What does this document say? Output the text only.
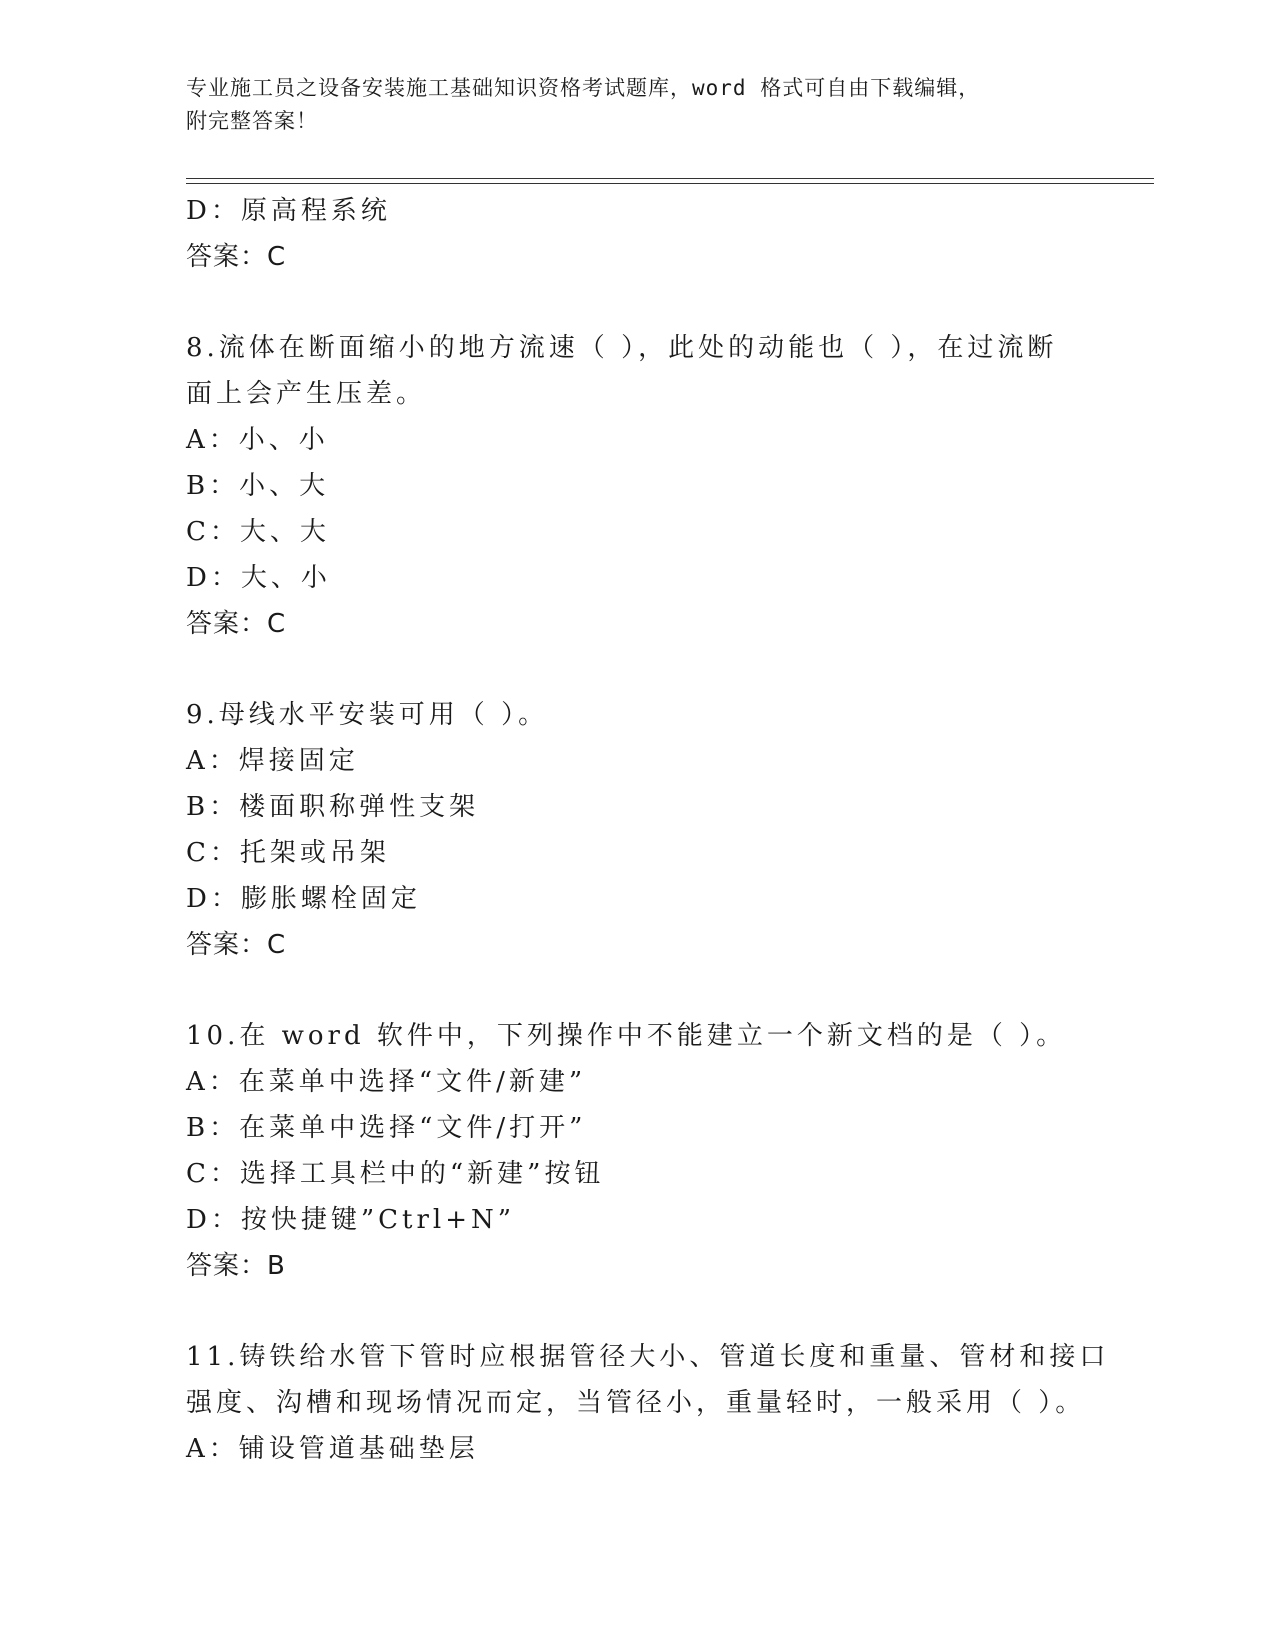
专业施工员之设备安装施工基础知识资格考试题库，word 格式可自由下载编辑，
附完整答案！
D：原高程系统
答案：C
8.流体在断面缩小的地方流速（ ），此处的动能也（ ），在过流断
面上会产生压差。
A：小、小
B：小、大
C：大、大
D：大、小
答案：C
9.母线水平安装可用（ ）。
A：焊接固定
B：楼面职称弹性支架
C：托架或吊架
D：膨胀螺栓固定
答案：C
10.在 word 软件中，下列操作中不能建立一个新文档的是（ ）。
A：在菜单中选择“文件/新建”
B：在菜单中选择“文件/打开”
C：选择工具栏中的“新建”按钮
D：按快捷键”Ctrl+N”
答案：B
11.铸铁给水管下管时应根据管径大小、管道长度和重量、管材和接口
强度、沟槽和现场情况而定，当管径小，重量轻时，一般采用（ ）。
A：铺设管道基础垫层
